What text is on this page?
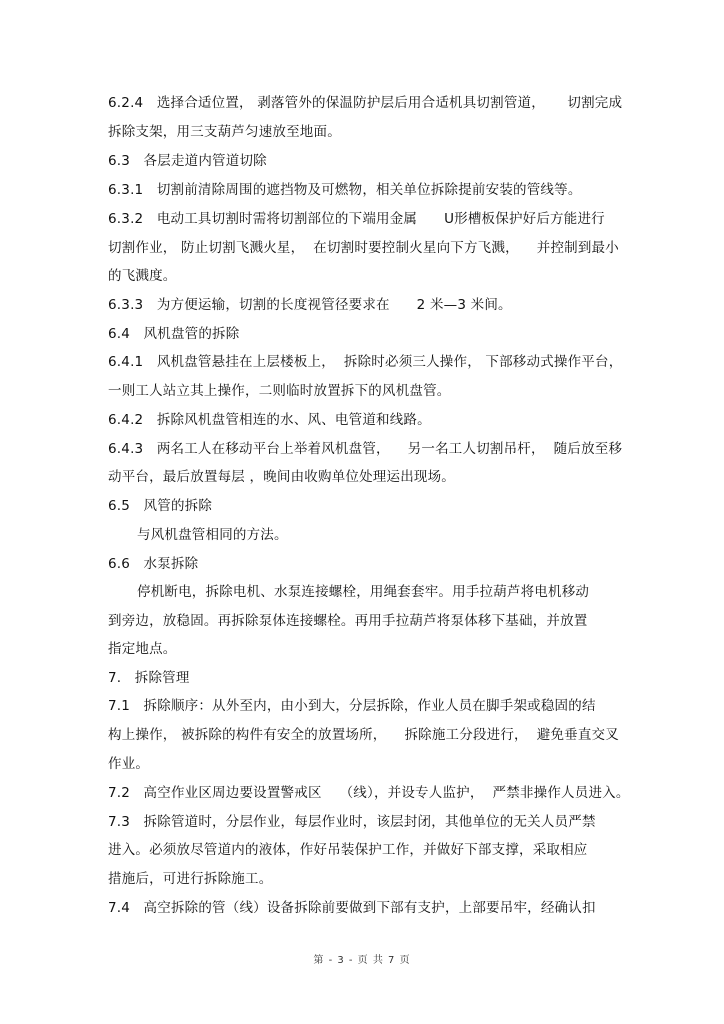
6.2.4   选择合适位置， 剥落管外的保温防护层后用合适机具切割管道，     切割完成
拆除支架，用三支葫芦匀速放至地面。
6.3   各层走道内管道切除
6.3.1   切割前清除周围的遮挡物及可燃物，相关单位拆除提前安装的管线等。
6.3.2   电动工具切割时需将切割部位的下端用金属      U形槽板保护好后方能进行
切割作业， 防止切割飞溅火星，  在切割时要控制火星向下方飞溅，    并控制到最小
的飞溅度。
6.3.3   为方便运输，切割的长度视管径要求在      2 米—3 米间。
6.4   风机盘管的拆除
6.4.1   风机盘管悬挂在上层楼板上，  拆除时必须三人操作， 下部移动式操作平台，
一则工人站立其上操作，二则临时放置拆下的风机盘管。
6.4.2   拆除风机盘管相连的水、风、电管道和线路。
6.4.3   两名工人在移动平台上举着风机盘管，    另一名工人切割吊杆，  随后放至移
动平台，最后放置每层 ，晚间由收购单位处理运出现场。
6.5   风管的拆除
与风机盘管相同的方法。
6.6   水泵拆除
停机断电，拆除电机、水泵连接螺栓，用绳套套牢。用手拉葫芦将电机移动
到旁边，放稳固。再拆除泵体连接螺栓。再用手拉葫芦将泵体移下基础，并放置
指定地点。
7.   拆除管理
7.1   拆除顺序：从外至内，由小到大，分层拆除，作业人员在脚手架或稳固的结
构上操作， 被拆除的构件有安全的放置场所，    拆除施工分段进行，  避免垂直交叉
作业。
7.2   高空作业区周边要设置警戒区    （线），并设专人监护，  严禁非操作人员进入。
7.3   拆除管道时，分层作业，每层作业时，该层封闭，其他单位的无关人员严禁
进入。必须放尽管道内的液体，作好吊装保护工作，并做好下部支撑，采取相应
措施后，可进行拆除施工。
7.4   高空拆除的管（线）设备拆除前要做到下部有支护，上部要吊牢，经确认扣
第 - 3 - 页 共 7 页
